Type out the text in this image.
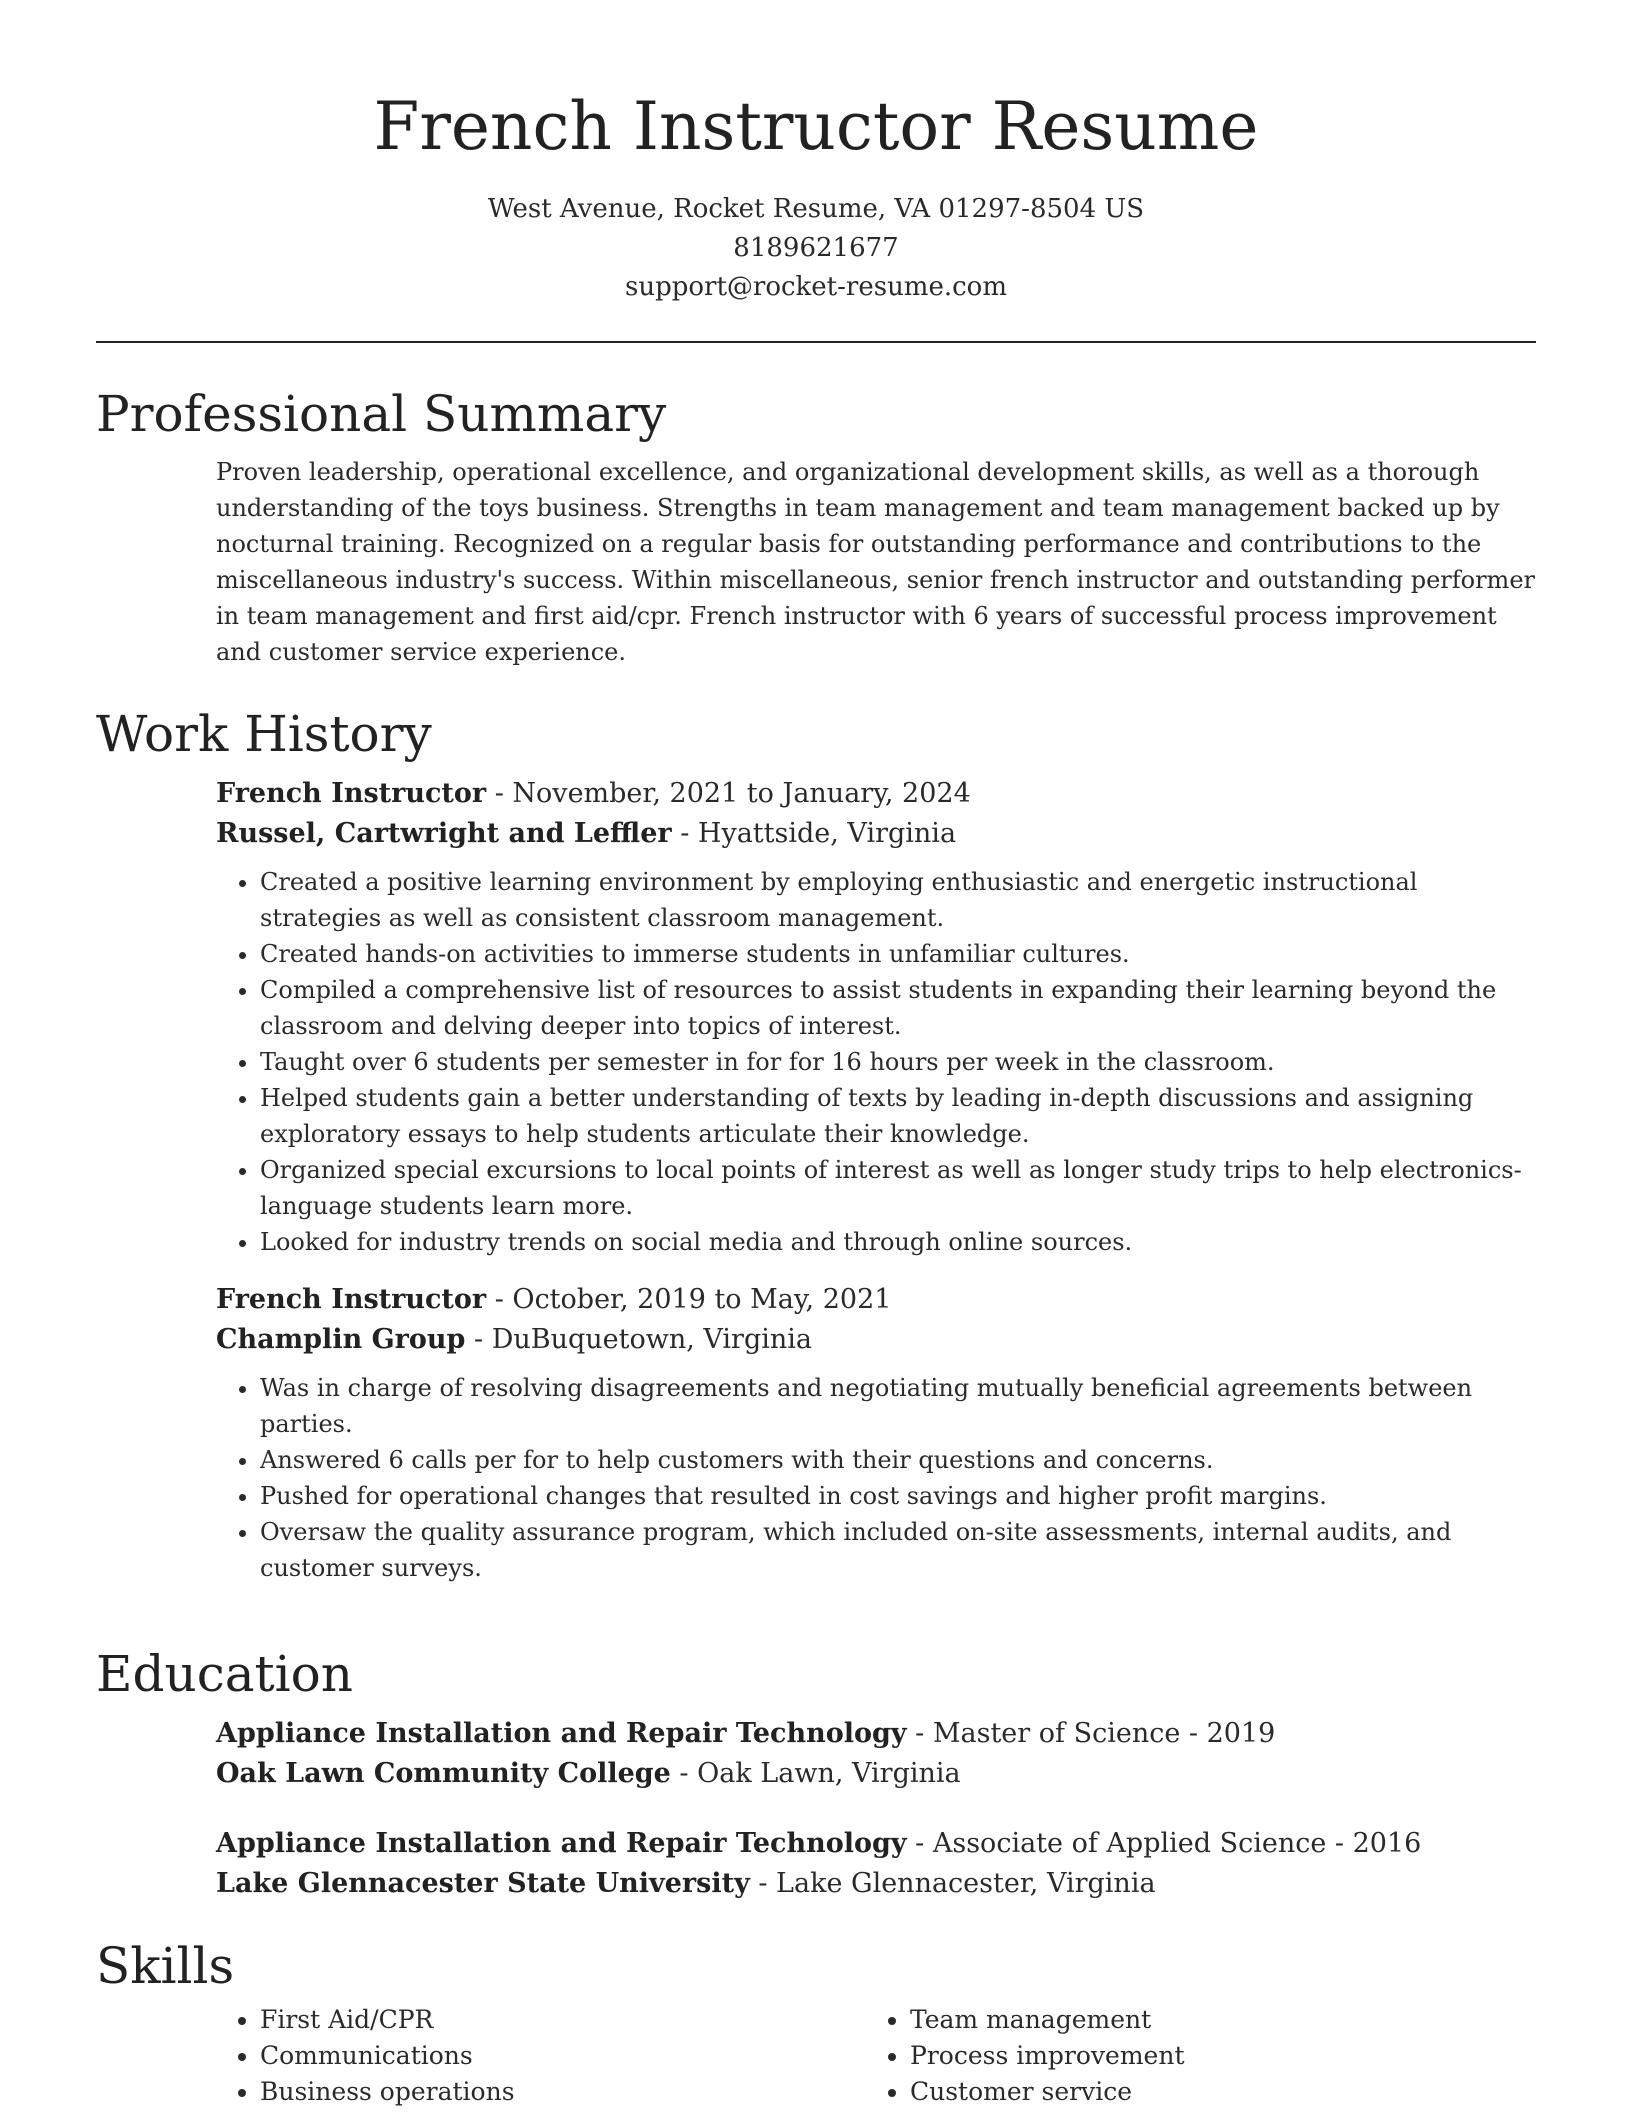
French Instructor Resume
West Avenue, Rocket Resume, VA 01297-8504 US
8189621677
support@rocket-resume.com
Professional Summary

Proven leadership, operational excellence, and organizational development skills, as well as a thorough understanding of the toys business. Strengths in team management and team management backed up by nocturnal training. Recognized on a regular basis for outstanding performance and contributions to the miscellaneous industry's success. Within miscellaneous, senior french instructor and outstanding performer in team management and first aid/cpr. French instructor with 6 years of successful process improvement and customer service experience.

Work History
French Instructor - November, 2021 to January, 2024
Russel, Cartwright and Leffler - Hyattside, Virginia
• Created a positive learning environment by employing enthusiastic and energetic instructional strategies as well as consistent classroom management.
• Created hands-on activities to immerse students in unfamiliar cultures.
• Compiled a comprehensive list of resources to assist students in expanding their learning beyond the classroom and delving deeper into topics of interest.
• Taught over 6 students per semester in for for 16 hours per week in the classroom.
• Helped students gain a better understanding of texts by leading in-depth discussions and assigning exploratory essays to help students articulate their knowledge.
• Organized special excursions to local points of interest as well as longer study trips to help electronics-language students learn more.
• Looked for industry trends on social media and through online sources.
French Instructor - October, 2019 to May, 2021
Champlin Group - DuBuquetown, Virginia
• Was in charge of resolving disagreements and negotiating mutually beneficial agreements between parties.
• Answered 6 calls per for to help customers with their questions and concerns.
• Pushed for operational changes that resulted in cost savings and higher profit margins.
• Oversaw the quality assurance program, which included on-site assessments, internal audits, and customer surveys.
Education
Appliance Installation and Repair Technology - Master of Science - 2019
Oak Lawn Community College - Oak Lawn, Virginia
Appliance Installation and Repair Technology - Associate of Applied Science - 2016
Lake Glennacester State University - Lake Glennacester, Virginia
Skills
• First Aid/CPR
• Communications
• Business operations
• Team management
• Process improvement
• Customer service
